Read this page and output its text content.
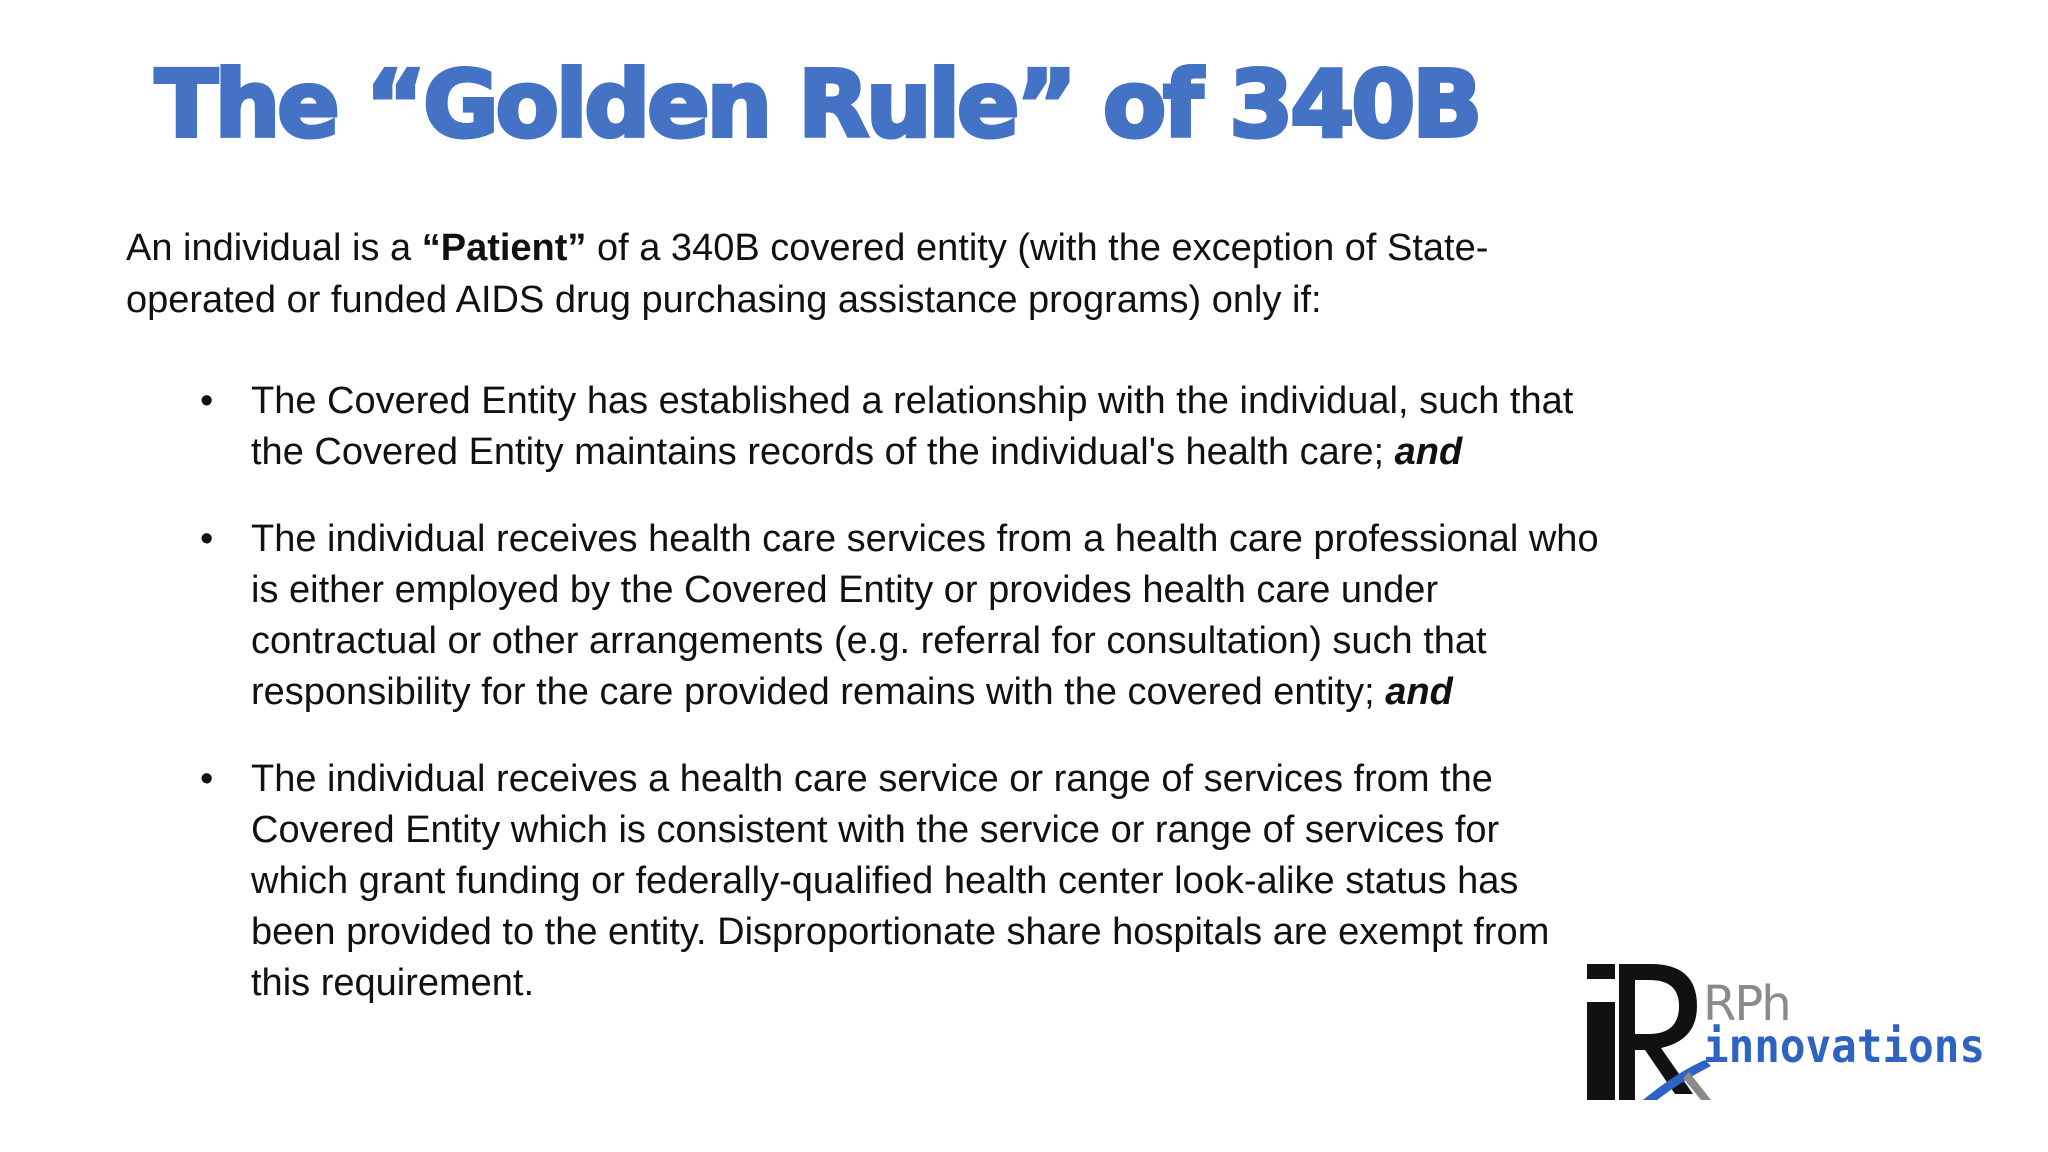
The “Golden Rule” of 340B

An individual is a “Patient” of a 340B covered entity (with the exception of State-operated or funded AIDS drug purchasing assistance programs) only if:

• The Covered Entity has established a relationship with the individual, such that the Covered Entity maintains records of the individual's health care; and
• The individual receives health care services from a health care professional who is either employed by the Covered Entity or provides health care under contractual or other arrangements (e.g. referral for consultation) such that responsibility for the care provided remains with the covered entity; and
• The individual receives a health care service or range of services from the Covered Entity which is consistent with the service or range of services for which grant funding or federally-qualified health center look-alike status has been provided to the entity. Disproportionate share hospitals are exempt from this requirement.	RPh
innovations
